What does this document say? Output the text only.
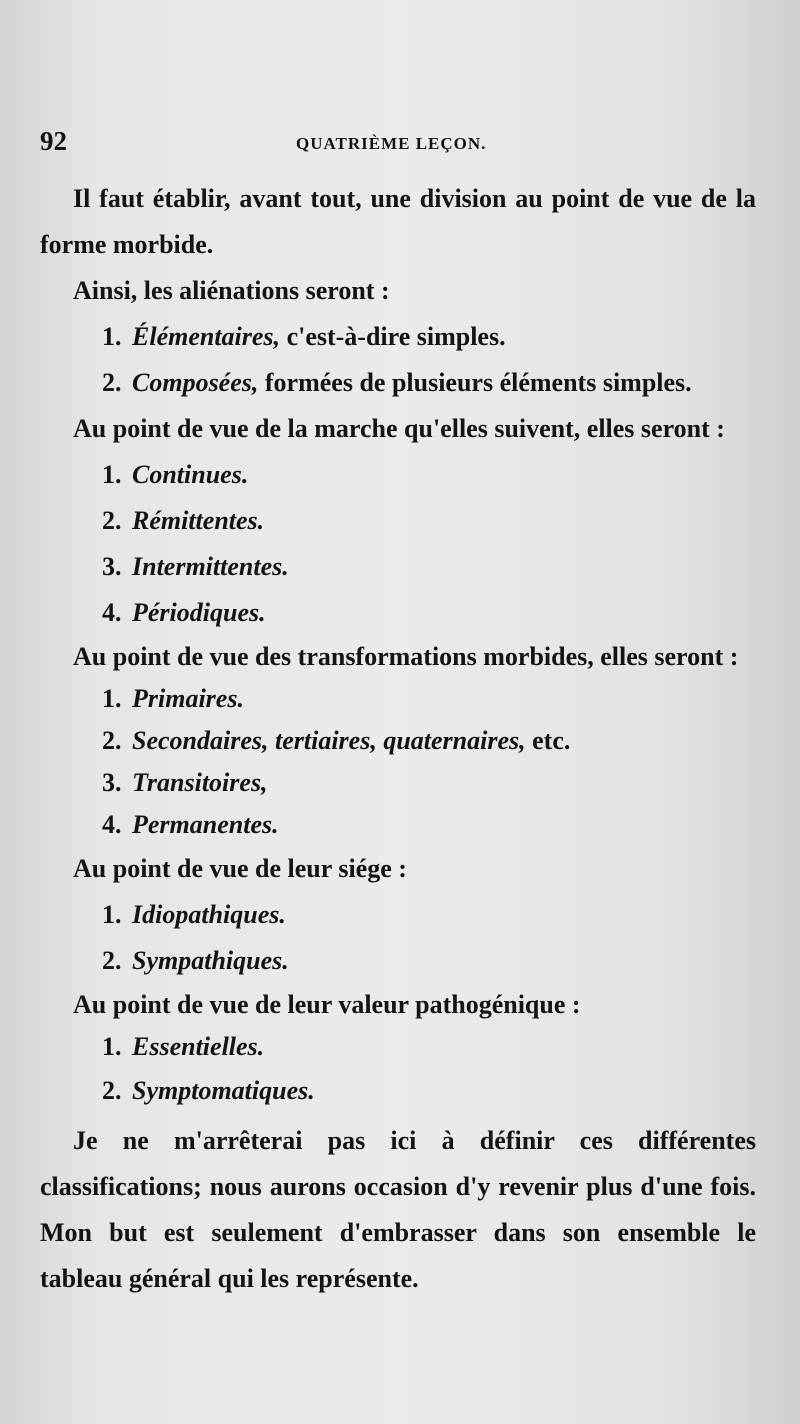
92	QUATRIÈME LEÇON.

Il faut établir, avant tout, une division au point de vue de la forme morbide.

Ainsi, les aliénations seront :

1. Élémentaires, c'est-à-dire simples.

2. Composées, formées de plusieurs éléments simples.

Au point de vue de la marche qu'elles suivent, elles seront :

1. Continues.

2. Rémittentes.

3. Intermittentes.

4. Périodiques.

Au point de vue des transformations morbides, elles seront :

1. Primaires.

2. Secondaires, tertiaires, quaternaires, etc.

3. Transitoires,

4. Permanentes.

Au point de vue de leur siége :

1. Idiopathiques.

2. Sympathiques.

Au point de vue de leur valeur pathogénique :

1. Essentielles.

2. Symptomatiques.

Je ne m'arrêterai pas ici à définir ces différentes classifications; nous aurons occasion d'y revenir plus d'une fois. Mon but est seulement d'embrasser dans son ensemble le tableau général qui les représente.
